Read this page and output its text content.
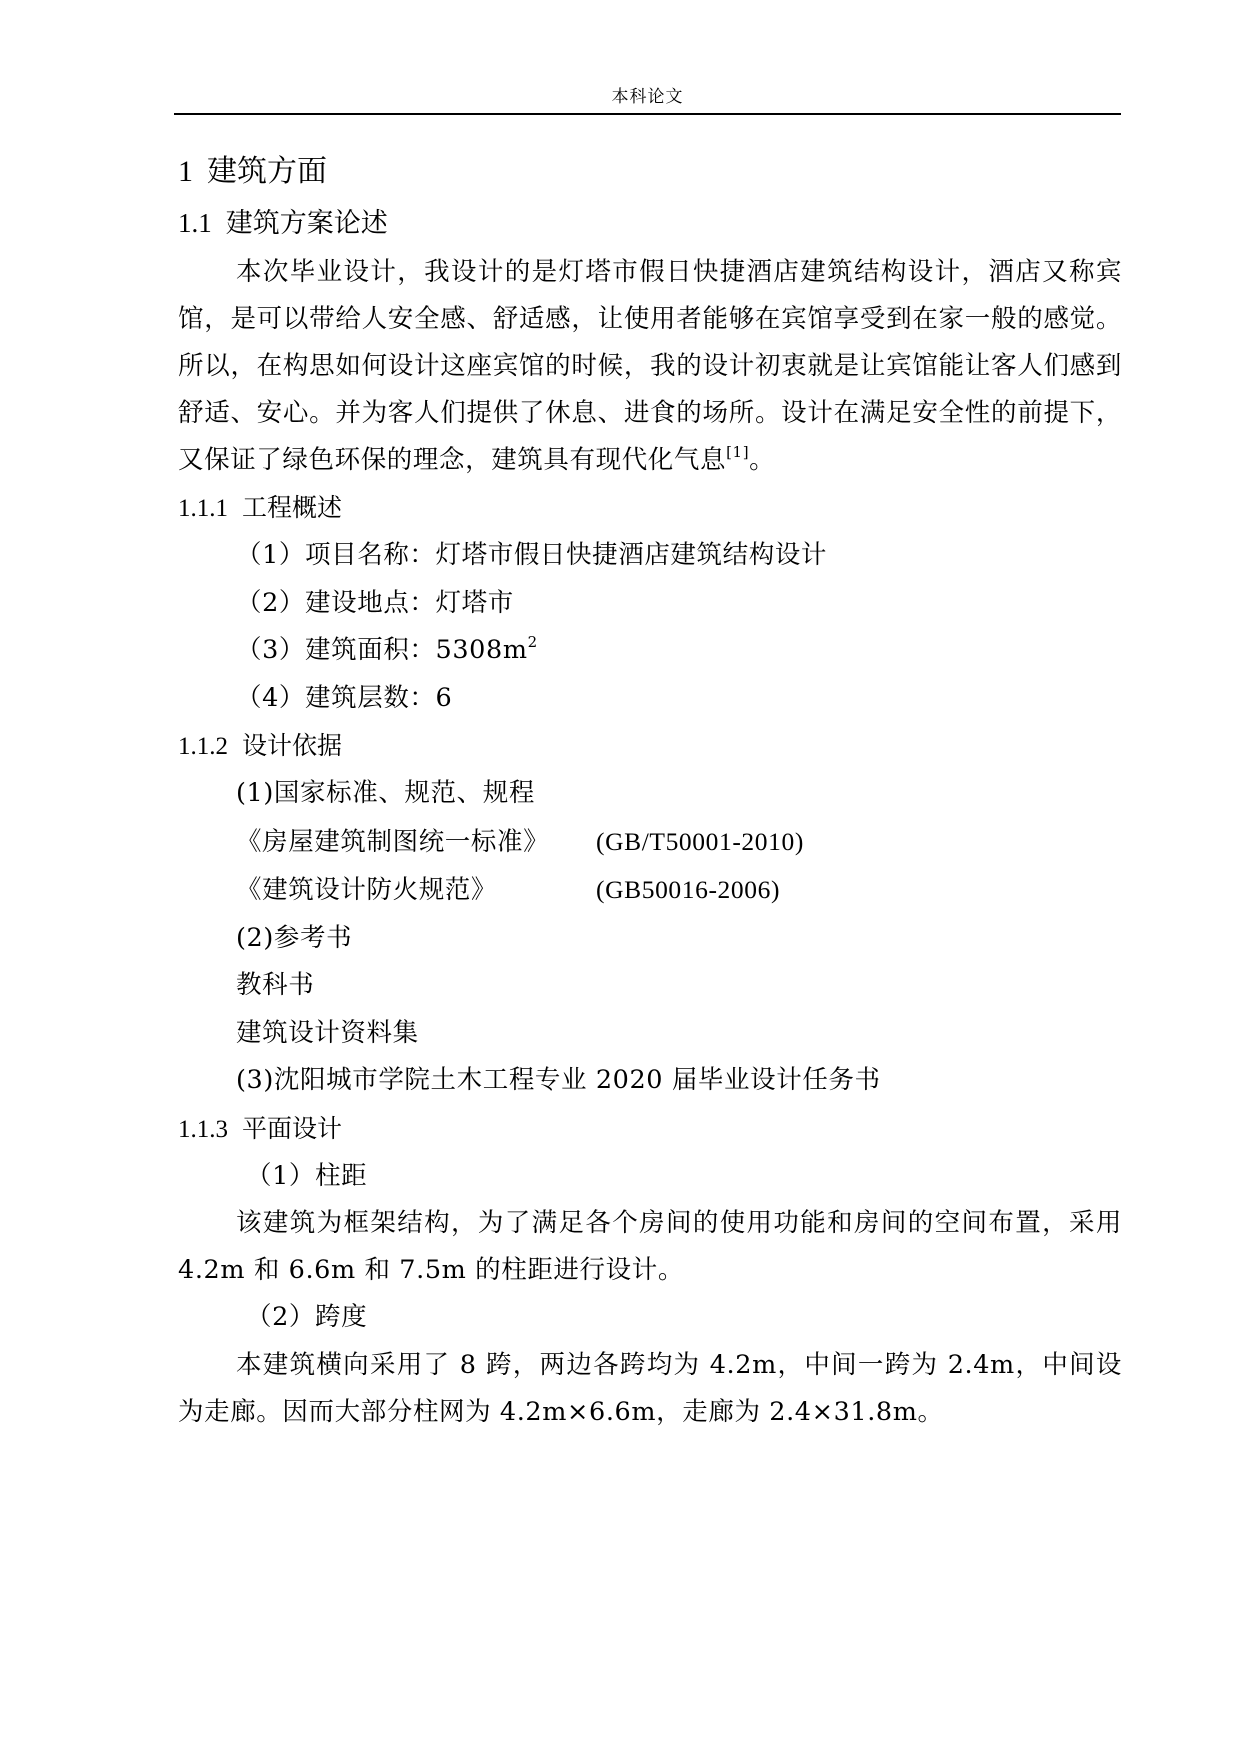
本科论文

1 建筑方面

1.1 建筑方案论述

本次毕业设计，我设计的是灯塔市假日快捷酒店建筑结构设计，酒店又称宾馆，是可以带给人安全感、舒适感，让使用者能够在宾馆享受到在家一般的感觉。所以，在构思如何设计这座宾馆的时候，我的设计初衷就是让宾馆能让客人们感到舒适、安心。并为客人们提供了休息、进食的场所。设计在满足安全性的前提下，又保证了绿色环保的理念，建筑具有现代化气息[1]。

1.1.1 工程概述

（1）项目名称：灯塔市假日快捷酒店建筑结构设计

（2）建设地点：灯塔市

（3）建筑面积：$5308m^2$

（4）建筑层数：6

1.1.2 设计依据

(1)国家标准、规范、规程

《房屋建筑制图统一标准》 (GB/T50001-2010)

《建筑设计防火规范》	(GB50016-2006)

(2)参考书

教科书

建筑设计资料集

(3)沈阳城市学院土木工程专业 2020 届毕业设计任务书

1.1.3 平面设计

（1）柱距

该建筑为框架结构，为了满足各个房间的使用功能和房间的空间布置，采用 4.2m 和 6.6m 和 7.5m 的柱距进行设计。

（2）跨度

本建筑横向采用了 8 跨，两边各跨均为 4.2m，中间一跨为 2.4m，中间设为走廊。因而大部分柱网为 4.2m×6.6m，走廊为 2.4×31.8m。
